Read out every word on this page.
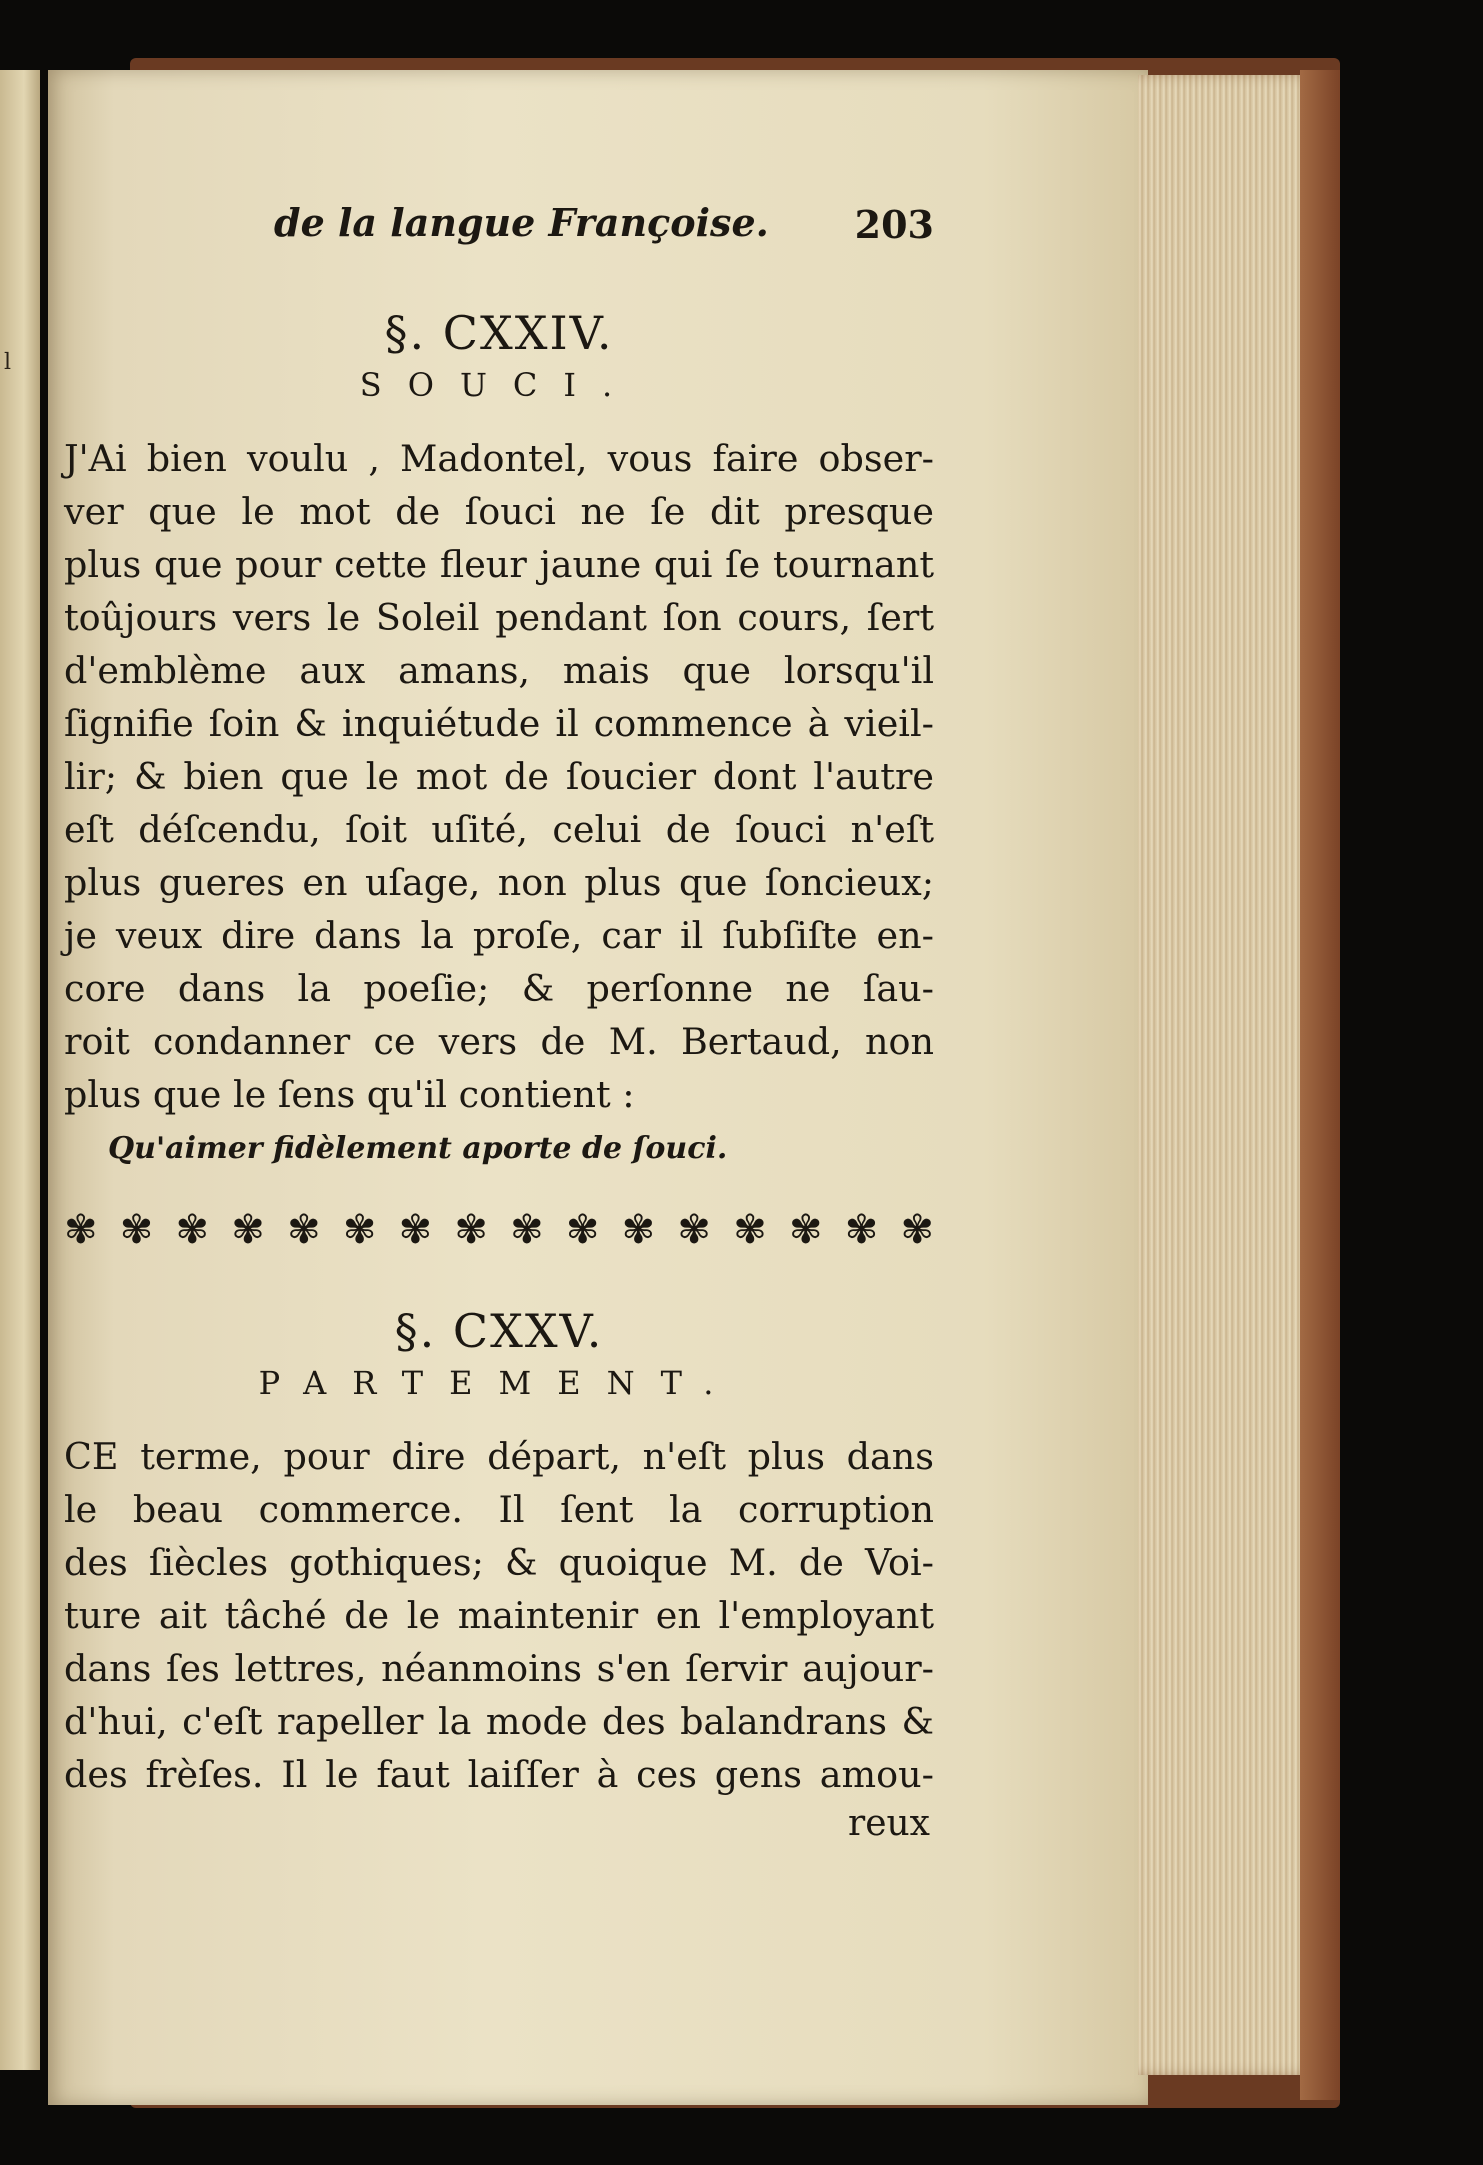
l
de la langue Françoise. 203
§. CXXIV.
SOUCI.
J'Ai bien voulu , Madontel, vous faire obser-
ver que le mot de ſouci ne ſe dit presque
plus que pour cette fleur jaune qui ſe tournant
toûjours vers le Soleil pendant ſon cours, ſert
d'emblème aux amans, mais que lorsqu'il
ſignifie ſoin & inquiétude il commence à vieil-
lir; & bien que le mot de ſoucier dont l'autre
eſt déſcendu, ſoit uſité, celui de ſouci n'eſt
plus gueres en uſage, non plus que ſoncieux;
je veux dire dans la proſe, car il ſubſiſte en-
core dans la poeſie; & perſonne ne ſau-
roit condanner ce vers de M. Bertaud, non
plus que le ſens qu'il contient :
Qu'aimer fidèlement aporte de ſouci.
✾ ✾ ✾ ✾ ✾ ✾ ✾ ✾ ✾ ✾ ✾ ✾ ✾ ✾ ✾ ✾
§. CXXV.
PARTEMENT.
CE terme, pour dire départ, n'eſt plus dans
le beau commerce. Il ſent la corruption
des ſiècles gothiques; & quoique M. de Voi-
ture ait tâché de le maintenir en l'employant
dans ſes lettres, néanmoins s'en ſervir aujour-
d'hui, c'eſt rapeller la mode des balandrans &
des frèſes. Il le faut laiſſer à ces gens amou-
reux
